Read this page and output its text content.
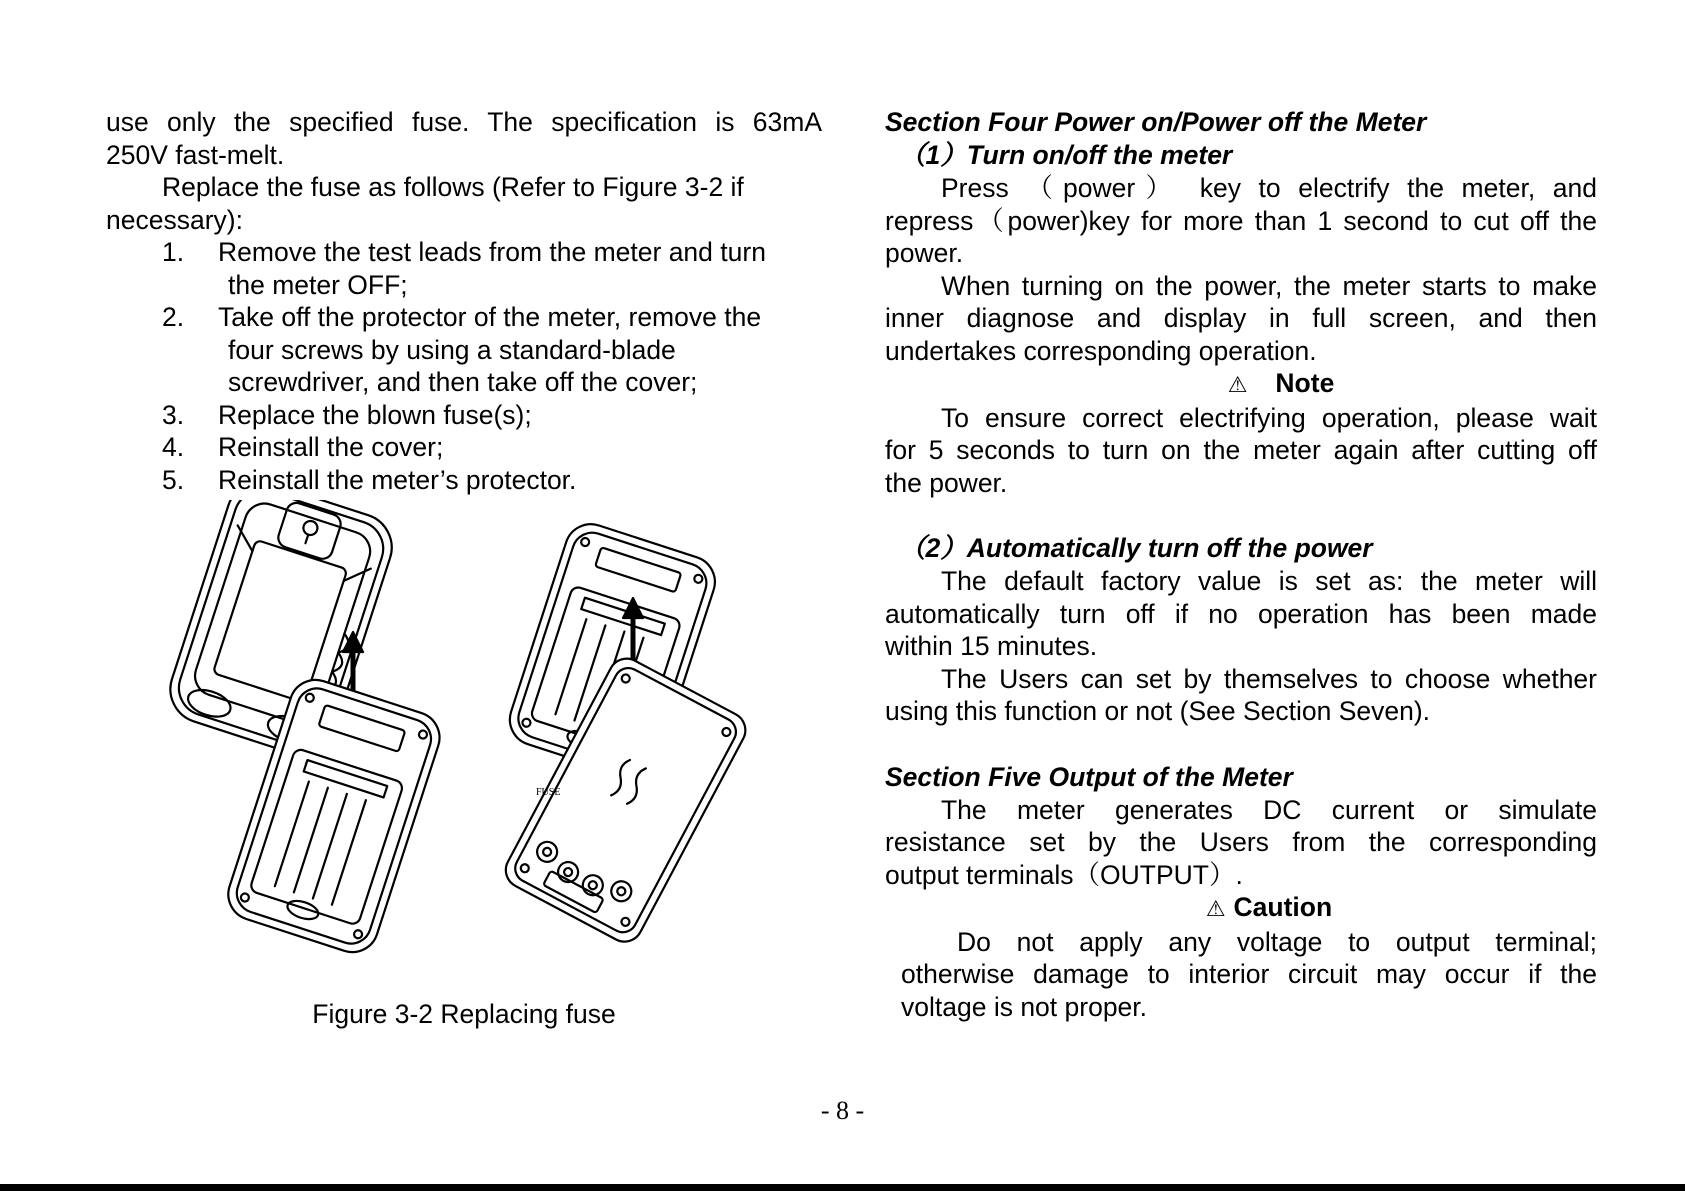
use only the specified fuse. The specification is 63mA

250V fast-melt.

Replace the fuse as follows (Refer to Figure 3-2 if

necessary):

1.	Remove the test leads from the meter and turn
the meter OFF;
2.	Take off the protector of the meter, remove the
four screws by using a standard-blade
screwdriver, and then take off the cover;
3.	Replace the blown fuse(s);
4.	Reinstall the cover;
5.	Reinstall the meter’s protector.
FUSE
Figure 3-2 Replacing fuse
Section Four Power on/Power off the Meter
（1）Turn on/off the meter

Press （power） key to electrify the meter, and

repress（power)key for more than 1 second to cut off the

power.

When turning on the power, the meter starts to make

inner diagnose and display in full screen, and then

undertakes corresponding operation.

⚠ Note

To ensure correct electrifying operation, please wait

for 5 seconds to turn on the meter again after cutting off

the power.

（2）Automatically turn off the power

The default factory value is set as: the meter will

automatically turn off if no operation has been made

within 15 minutes.

The Users can set by themselves to choose whether

using this function or not (See Section Seven).

Section Five Output of the Meter

The meter generates DC current or simulate

resistance set by the Users from the corresponding

output terminals（OUTPUT）.

⚠ Caution

Do not apply any voltage to output terminal;

otherwise damage to interior circuit may occur if the

voltage is not proper.

- 8 -
